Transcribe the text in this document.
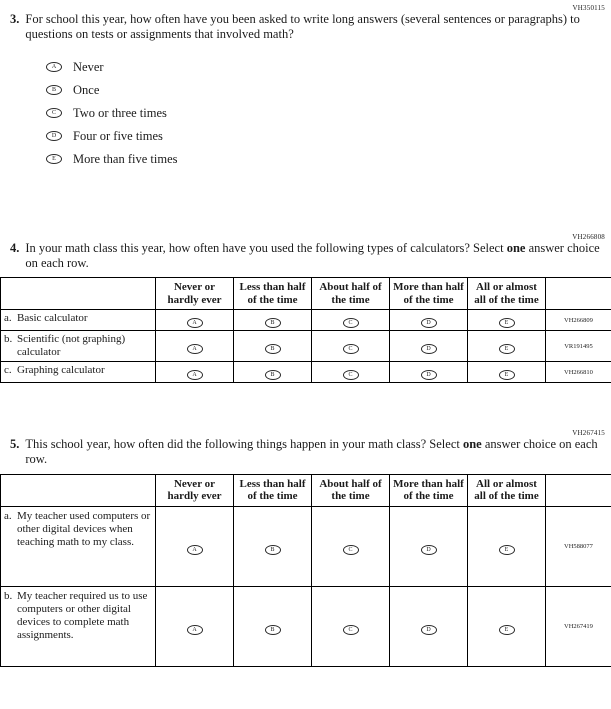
VH350115
3. For school this year, how often have you been asked to write long answers (several sentences or paragraphs) to questions on tests or assignments that involved math?
A	Never
B	Once
C	Two or three times
D	Four or five times
E	More than five times
VH266808
4. In your math class this year, how often have you used the following types of calculators? Select one answer choice on each row.
	Never or hardly ever	Less than half of the time	About half of the time	More than half of the time	All or almost all of the time	

a. Basic calculator	A	B	C	D	E	VH266809

b. Scientific (not graphing) calculator	A	B	C	D	E	VR191495

c. Graphing calculator	A	B	C	D	E	VH266810
VH267415
5. This school year, how often did the following things happen in your math class? Select one answer choice on each row.
	Never or hardly ever	Less than half of the time	About half of the time	More than half of the time	All or almost all of the time	

a. My teacher used computers or other digital devices when teaching math to my class.	A	B	C	D	E	VH588077

b. My teacher required us to use computers or other digital devices to complete math assignments.	A	B	C	D	E	VH267419
